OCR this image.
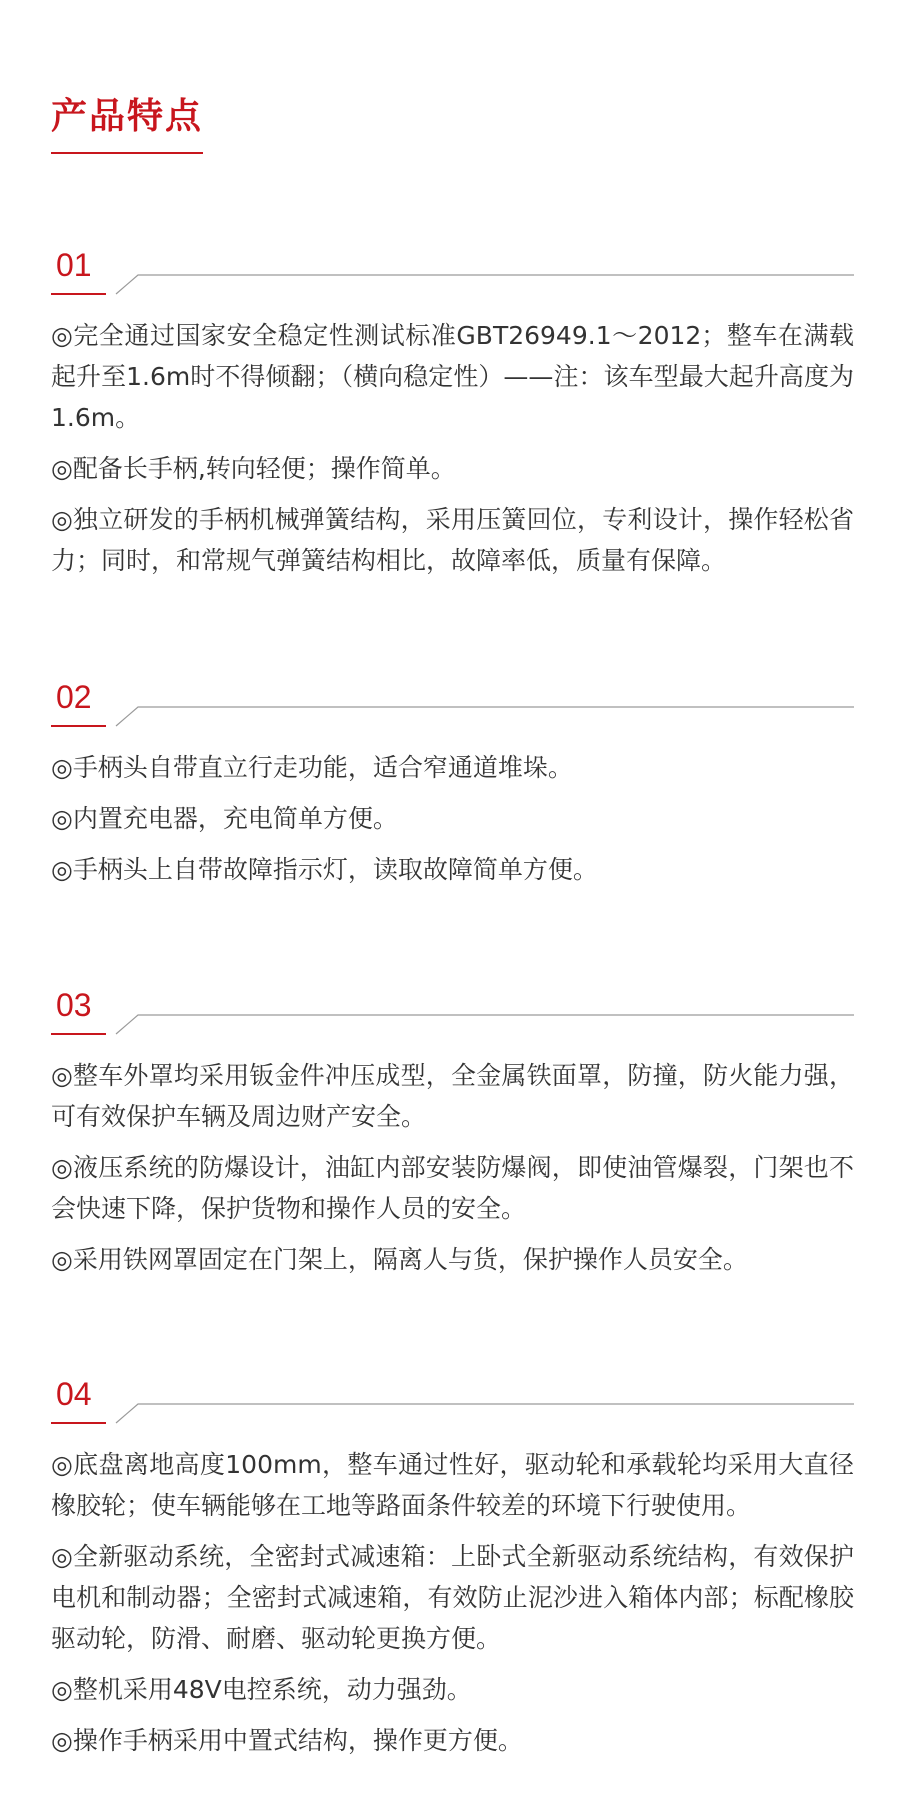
产品特点
01

◎完全通过国家安全稳定性测试标准GBT26949.1～2012；整车在满载起升至1.6m时不得倾翻；（横向稳定性）——注：该车型最大起升高度为1.6m。

◎配备长手柄,转向轻便；操作简单。

◎独立研发的手柄机械弹簧结构，采用压簧回位，专利设计，操作轻松省力；同时，和常规气弹簧结构相比，故障率低，质量有保障。

02

◎手柄头自带直立行走功能，适合窄通道堆垛。

◎内置充电器，充电简单方便。

◎手柄头上自带故障指示灯，读取故障简单方便。

03

◎整车外罩均采用钣金件冲压成型，全金属铁面罩，防撞，防火能力强，可有效保护车辆及周边财产安全。

◎液压系统的防爆设计，油缸内部安装防爆阀，即使油管爆裂，门架也不会快速下降，保护货物和操作人员的安全。

◎采用铁网罩固定在门架上，隔离人与货，保护操作人员安全。

04

◎底盘离地高度100mm，整车通过性好，驱动轮和承载轮均采用大直径橡胶轮；使车辆能够在工地等路面条件较差的环境下行驶使用。

◎全新驱动系统，全密封式减速箱：上卧式全新驱动系统结构，有效保护电机和制动器；全密封式减速箱，有效防止泥沙进入箱体内部；标配橡胶驱动轮，防滑、耐磨、驱动轮更换方便。

◎整机采用48V电控系统，动力强劲。

◎操作手柄采用中置式结构，操作更方便。
